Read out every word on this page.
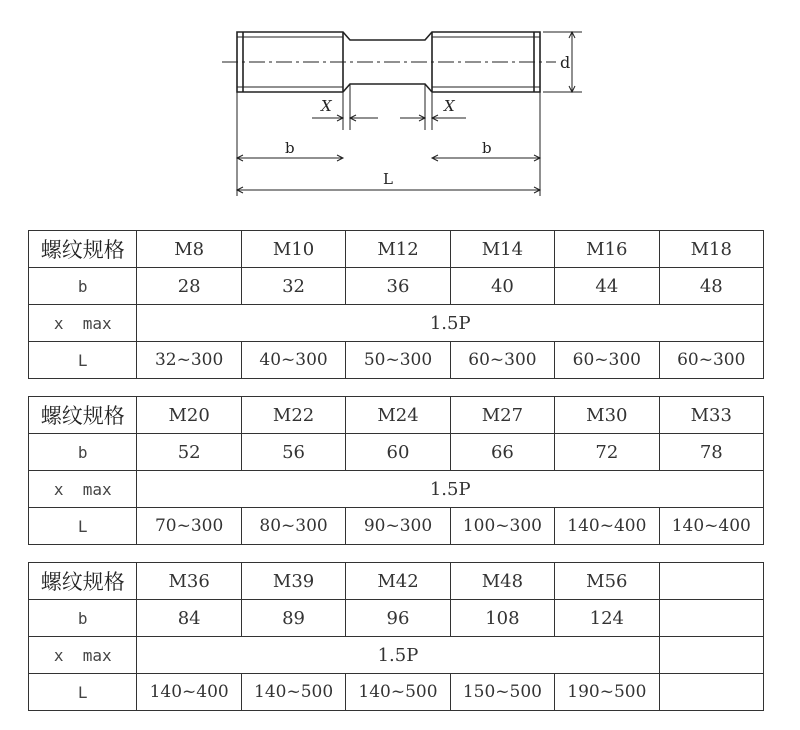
d
X	X
b	b
L
螺纹规格	M8	M10	M12	M14	M16	M18
b	28	32	36	40	44	48
x  max	1.5P					
L	32~300	40~300	50~300	60~300	60~300	60~300
螺纹规格	M20	M22	M24	M27	M30	M33
b	52	56	60	66	72	78
x  max	1.5P					
L	70~300	80~300	90~300	100~300	140~400	140~400
螺纹规格	M36	M39	M42	M48	M56	
b	84	89	96	108	124	
x  max	1.5P					
L	140~400	140~500	140~500	150~500	190~500	
